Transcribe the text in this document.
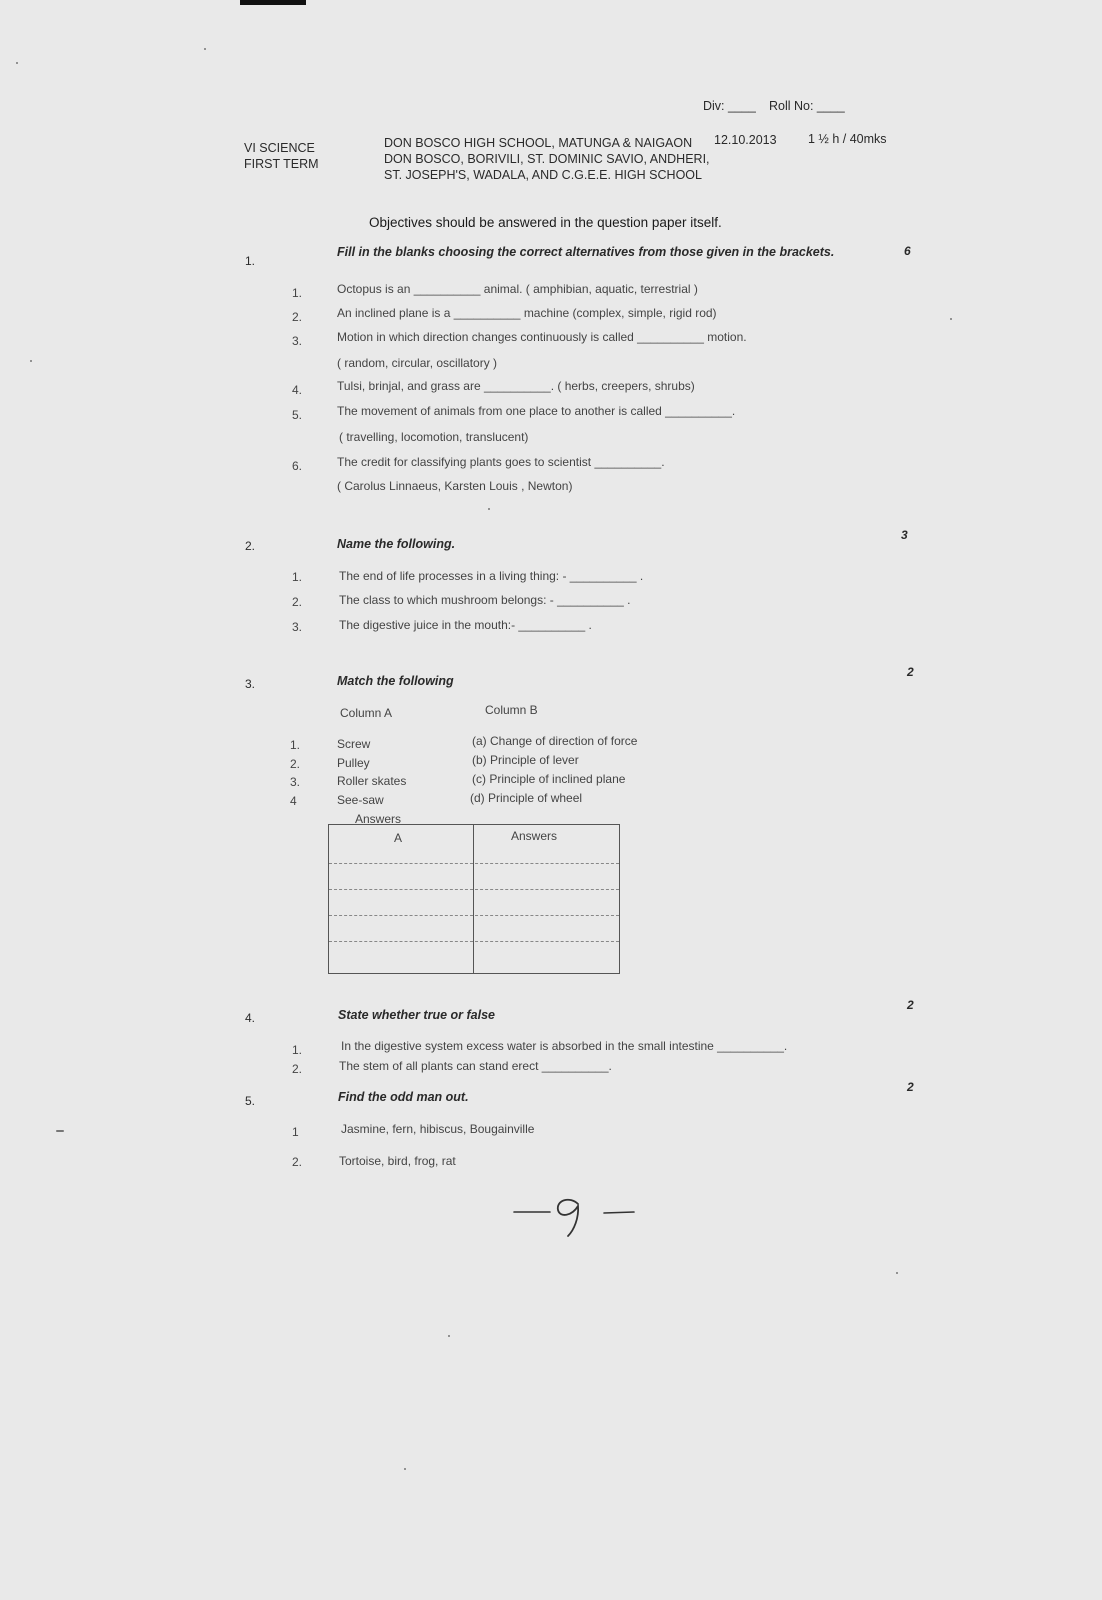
Div: ____ Roll No: ____
VI SCIENCE
FIRST TERM
DON BOSCO HIGH SCHOOL, MATUNGA & NAIGAON
DON BOSCO, BORIVILI, ST. DOMINIC SAVIO, ANDHERI,
ST. JOSEPH'S, WADALA, AND C.G.E.E. HIGH SCHOOL
12.10.2013	1 ½ h / 40mks
Objectives should be answered in the question paper itself.
1.
Fill in the blanks choosing the correct alternatives from those given in the brackets.	6
1.	Octopus is an __________ animal. ( amphibian, aquatic, terrestrial )
2.	An inclined plane is a __________ machine (complex, simple, rigid rod)
3.	Motion in which direction changes continuously is called __________ motion.
( random, circular, oscillatory )
4.	Tulsi, brinjal, and grass are __________. ( herbs, creepers, shrubs)
5.	The movement of animals from one place to another is called __________.
( travelling, locomotion, translucent)
6.	The credit for classifying plants goes to scientist __________.
( Carolus Linnaeus, Karsten Louis , Newton)
2.	Name the following.
3
1.	The end of life processes in a living thing: - __________ .
2.	The class to which mushroom belongs: - __________ .
3.	The digestive juice in the mouth:- __________ .
3.	Match the following
2
Column A	Column B
1.	Screw	(a) Change of direction of force
2.	Pulley	(b) Principle of lever
3.	Roller skates	(c) Principle of inclined plane
4	See-saw	(d) Principle of wheel
Answers
A	Answers
4.	State whether true or false
2
1.	In the digestive system excess water is absorbed in the small intestine __________.
2.	The stem of all plants can stand erect __________.
5.	Find the odd man out.
2
1	Jasmine, fern, hibiscus, Bougainville
2.	Tortoise, bird, frog, rat
